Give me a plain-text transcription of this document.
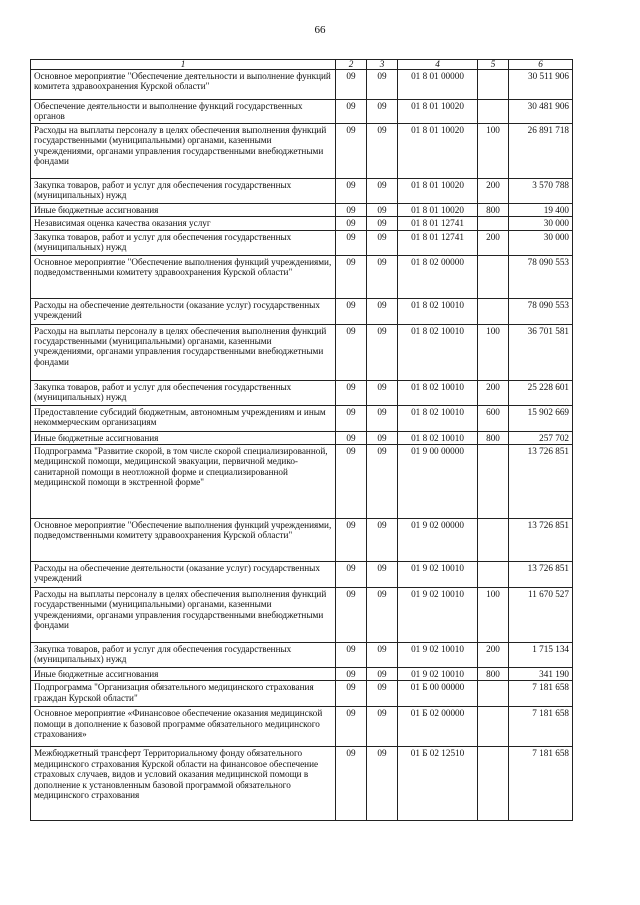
66
1	2	3	4	5	6
Основное мероприятие "Обеспечение деятельности и выполнение функций комитета здравоохранения Курской области"	09	09	01 8 01 00000		30 511 906
Обеспечение деятельности и выполнение функций государственных органов	09	09	01 8 01 10020		30 481 906
Расходы на выплаты персоналу в целях обеспечения выполнения функций государственными (муниципальными) органами, казенными учреждениями, органами управления государственными внебюджетными фондами	09	09	01 8 01 10020	100	26 891 718
Закупка товаров, работ и услуг для обеспечения государственных (муниципальных) нужд	09	09	01 8 01 10020	200	3 570 788
Иные бюджетные ассигнования	09	09	01 8 01 10020	800	19 400
Независимая оценка качества оказания услуг	09	09	01 8 01 12741		30 000
Закупка товаров, работ и услуг для обеспечения государственных (муниципальных) нужд	09	09	01 8 01 12741	200	30 000
Основное мероприятие "Обеспечение выполнения функций учреждениями, подведомственными комитету здравоохранения Курской области"	09	09	01 8 02 00000		78 090 553
Расходы на обеспечение деятельности (оказание услуг) государственных учреждений	09	09	01 8 02 10010		78 090 553
Расходы на выплаты персоналу в целях обеспечения выполнения функций государственными (муниципальными) органами, казенными учреждениями, органами управления государственными внебюджетными фондами	09	09	01 8 02 10010	100	36 701 581
Закупка товаров, работ и услуг для обеспечения государственных (муниципальных) нужд	09	09	01 8 02 10010	200	25 228 601
Предоставление субсидий бюджетным, автономным учреждениям и иным некоммерческим организациям	09	09	01 8 02 10010	600	15 902 669
Иные бюджетные ассигнования	09	09	01 8 02 10010	800	257 702
Подпрограмма "Развитие скорой, в том числе скорой специализированной, медицинской помощи, медицинской эвакуации, первичной медико-санитарной помощи в неотложной форме и специализированной медицинской помощи в экстренной форме"	09	09	01 9 00 00000		13 726 851
Основное мероприятие "Обеспечение выполнения функций учреждениями, подведомственными комитету здравоохранения Курской области"	09	09	01 9 02 00000		13 726 851
Расходы на обеспечение деятельности (оказание услуг) государственных учреждений	09	09	01 9 02 10010		13 726 851
Расходы на выплаты персоналу в целях обеспечения выполнения функций государственными (муниципальными) органами, казенными учреждениями, органами управления государственными внебюджетными фондами	09	09	01 9 02 10010	100	11 670 527
Закупка товаров, работ и услуг для обеспечения государственных (муниципальных) нужд	09	09	01 9 02 10010	200	1 715 134
Иные бюджетные ассигнования	09	09	01 9 02 10010	800	341 190
Подпрограмма "Организация обязательного медицинского страхования граждан Курской области"	09	09	01 Б 00 00000		7 181 658
Основное мероприятие «Финансовое обеспечение оказания медицинской помощи в дополнение к базовой программе обязательного медицинского страхования»	09	09	01 Б 02 00000		7 181 658
Межбюджетный трансферт Территориальному фонду обязательного медицинского страхования Курской области на финансовое обеспечение страховых случаев, видов и условий оказания медицинской помощи в дополнение к установленным базовой программой обязательного медицинского страхования	09	09	01 Б 02 12510		7 181 658
